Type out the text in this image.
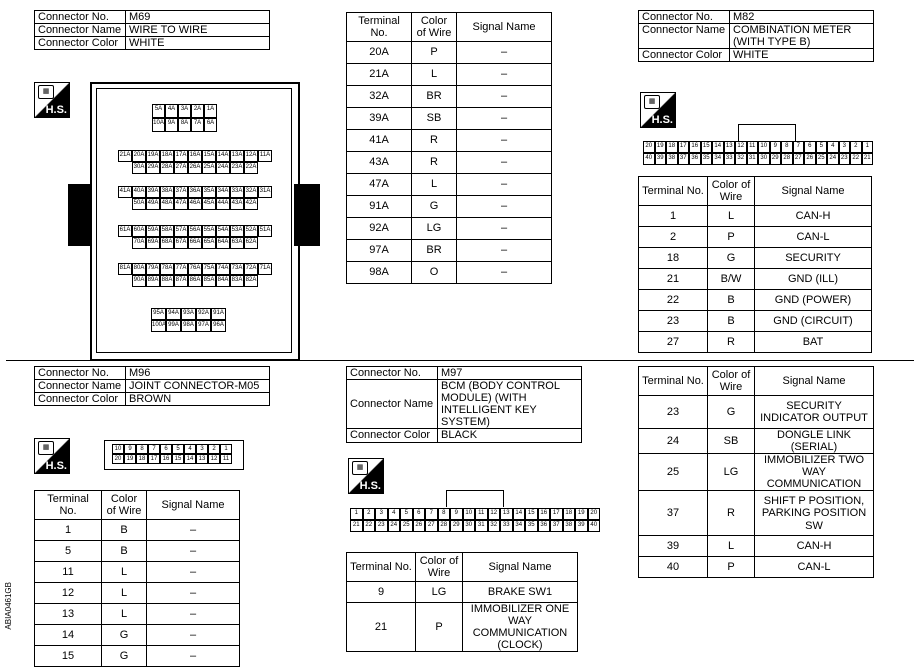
Connector No.	M69
Connector Name	WIRE TO WIRE
Connector Color	WHITE
▦
H.S.	5A 4A 3A 2A 1A
10A 9A 8A 7A 6A
21A 20A 19A 18A 17A 16A 15A 14A 13A 12A 11A
30A 29A 28A 27A 26A 25A 24A 23A 22A
41A 40A 39A 38A 37A 36A 35A 34A 33A 32A 31A
50A 49A 48A 47A 46A 45A 44A 43A 42A
61A 60A 59A 58A 57A 56A 55A 54A 53A 52A 51A
70A 69A 68A 67A 66A 65A 64A 63A 62A
81A 80A 79A 78A 77A 76A 75A 74A 73A 72A 71A
90A 89A 88A 87A 86A 85A 84A 83A 82A
95A 94A 93A 92A 91A
100A 99A 98A 97A 96A
Terminal No.	Color of Wire	Signal Name
20A	P	–
21A	L	–
32A	BR	–
39A	SB	–
41A	R	–
43A	R	–
47A	L	–
91A	G	–
92A	LG	–
97A	BR	–
98A	O	–
Connector No.	M82
Connector Name	COMBINATION METER (WITH TYPE B)
Connector Color	WHITE
▦
H.S.
20 19 18 17 16 15 14 13 12 11 10	9	8	7	6	5	4	3	2	1
40 39 38 37 36 35 34 33 32 31 30 29 28 27 26 25 24 23 22 21
Terminal No.	Color of Wire	Signal Name
1	L	CAN-H
2	P	CAN-L
18	G	SECURITY
21	B/W	GND (ILL)
22	B	GND (POWER)
23	B	GND (CIRCUIT)
27	R	BAT
Connector No.	M96
Connector Name	JOINT CONNECTOR-M05
Connector Color	BROWN
▦
H.S.
10	9	8	7	6	5	4	3	2	1
20 19 18 17 16 15 14 13 12 11
Terminal No.	Color of Wire	Signal Name
1	B	–
5	B	–
11	L	–
12	L	–
13	L	–
14	G	–
15	G	–
Connector No.	M97
Connector Name	BCM (BODY CONTROL MODULE) (WITH INTELLIGENT KEY SYSTEM)
Connector Color	BLACK
▦
H.S.
1	2	3	4	5	6	7	8	9	10	11	12 13 14 15 16 17 18 19 20
21 22 23 24 25 26 27 28 29 30 31 32 33 34 35 36 37 38 39 40
Terminal No.	Color of Wire	Signal Name
9	LG	BRAKE SW1
21	P	IMMOBILIZER ONE WAY COMMUNICATION (CLOCK)
Terminal No.	Color of Wire	Signal Name
23	G	SECURITY INDICATOR OUTPUT
24	SB	DONGLE LINK (SERIAL)
25	LG	IMMOBILIZER TWO WAY COMMUNICATION
37	R	SHIFT P POSITION, PARKING POSITION SW
39	L	CAN-H
40	P	CAN-L
ABIA0461GB
